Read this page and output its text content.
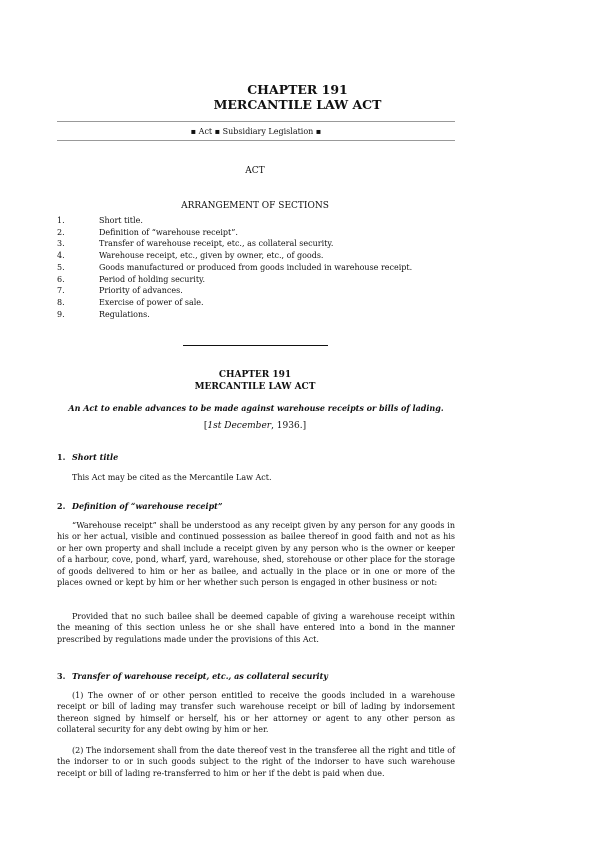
CHAPTER 191
MERCANTILE LAW ACT
▪ Act ▪ Subsidiary Legislation ▪
ACT
ARRANGEMENT OF SECTIONS
1.	Short title.
2.	Definition of “warehouse receipt”.
3.	Transfer of warehouse receipt, etc., as collateral security.
4.	Warehouse receipt, etc., given by owner, etc., of goods.
5.	Goods manufactured or produced from goods included in warehouse receipt.
6.	Period of holding security.
7.	Priority of advances.
8.	Exercise of power of sale.
9.	Regulations.
CHAPTER 191
MERCANTILE LAW ACT
An Act to enable advances to be made against warehouse receipts or bills of lading.
[1st December, 1936.]
1. Short title
This Act may be cited as the Mercantile Law Act.
2. Definition of “warehouse receipt”
“Warehouse receipt” shall be understood as any receipt given by any person for any goods in his or her actual, visible and continued possession as bailee thereof in good faith and not as his or her own property and shall include a receipt given by any person who is the owner or keeper of a harbour, cove, pond, wharf, yard, warehouse, shed, storehouse or other place for the storage of goods delivered to him or her as bailee, and actually in the place or in one or more of the places owned or kept by him or her whether such person is engaged in other business or not:
Provided that no such bailee shall be deemed capable of giving a warehouse receipt within the meaning of this section unless he or she shall have entered into a bond in the manner prescribed by regulations made under the provisions of this Act.
3. Transfer of warehouse receipt, etc., as collateral security
(1) The owner of or other person entitled to receive the goods included in a warehouse receipt or bill of lading may transfer such warehouse receipt or bill of lading by indorsement thereon signed by himself or herself, his or her attorney or agent to any other person as collateral security for any debt owing by him or her.
(2) The indorsement shall from the date thereof vest in the transferee all the right and title of the indorser to or in such goods subject to the right of the indorser to have such warehouse receipt or bill of lading re-transferred to him or her if the debt is paid when due.
